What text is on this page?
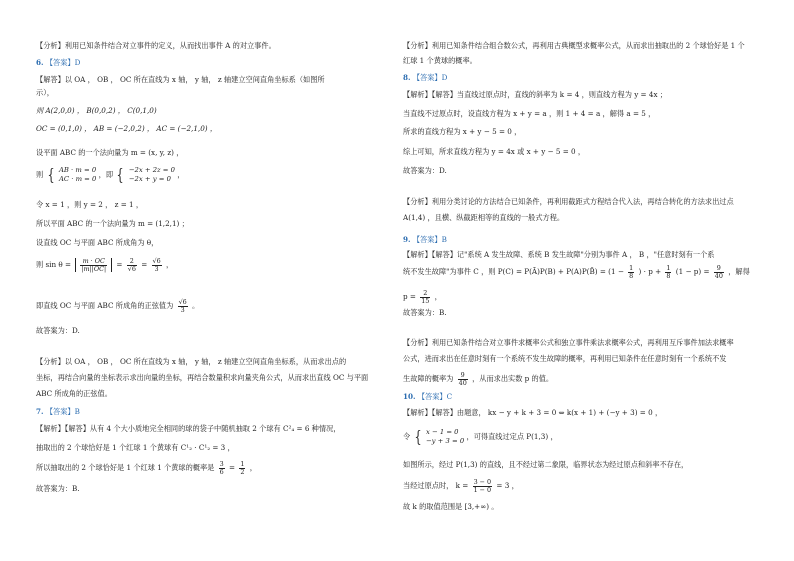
【分析】利用已知条件结合对立事件的定义，从而找出事件 A 的对立事件。
6. 【答案】D
【解答】以 OA ， OB ， OC 所在直线为 x 轴， y 轴， z 轴建立空间直角坐标系（如图所
示），
则 A(2,0,0) ， B(0,0,2) ， C(0,1,0)
OC = (0,1,0) ， AB = (−2,0,2) ， AC = (−2,1,0) ，
设平面 ABC 的一个法向量为 m = (x, y, z) ，
则 { AB · m = 0
AC · m = 0 ，即 { −2x + 2z = 0
−2x + y = 0 ，
令 x = 1 ，则 y = 2 ， z = 1 ，
所以平面 ABC 的一个法向量为 m = (1,2,1) ；
设直线 OC 与平面 ABC 所成角为 θ，
则 $\sin \theta = \frac{m \cdot OC}{|m||OC|} = \frac{2}{√6} = \frac{√6}{3}$ ，
即直线 OC 与平面 ABC 所成角的正弦值为 $\frac{√6}{3}$ 。
故答案为：D.
【分析】以 OA ， OB ， OC 所在直线为 x 轴， y 轴， z 轴建立空间直角坐标系，从而求出点的
坐标，再结合向量的坐标表示求出向量的坐标，再结合数量积求向量夹角公式，从而求出直线 OC 与平面
ABC 所成角的正弦值。
7. 【答案】B
【解析】【解答】从有 4 个大小质地完全相同的球的袋子中随机抽取 2 个球有 C²₄ = 6 种情况，
抽取出的 2 个球恰好是 1 个红球 1 个黄球有 C¹₂ · C¹₂ = 3 ，
所以抽取出的 2 个球恰好是 1 个红球 1 个黄球的概率是 $\frac{3}{6} = \frac{1}{2}$ ，
故答案为：B.
【分析】利用已知条件结合组合数公式，再利用古典概型求概率公式，从而求出抽取出的 2 个球恰好是 1 个
红球 1 个黄球的概率。
8. 【答案】D
【解析】【解答】当直线过原点时，直线的斜率为 k = 4 ，则直线方程为 y = 4x ；
当直线不过原点时，设直线方程为 x + y = a ，则 1 + 4 = a ，解得 a = 5 ，
所求的直线方程为 x + y − 5 = 0 ，
综上可知，所求直线方程为 y = 4x 或 x + y − 5 = 0 ，
故答案为：D.
【分析】利用分类讨论的方法结合已知条件，再利用截距式方程结合代入法，再结合转化的方法求出过点
A(1,4) ，且横、纵截距相等的直线的一般式方程。
9. 【答案】B
【解析】【解答】记"系统 A 发生故障、系统 B 发生故障"分别为事件 A ， B ，"任意时刻有一个系
统不发生故障"为事件 C ，则 P(C) = P(Ā)P(B) + P(A)P(B̄) = ($1 - \frac{1}{8}$ ) · $p + \frac{1}{8} (1 - p) = \frac{9}{40}$ ，解得
$p = \frac{2}{15}$ ，
故答案为：B.
【分析】利用已知条件结合对立事件求概率公式和独立事件乘法求概率公式，再利用互斥事件加法求概率
公式，进而求出在任意时刻有一个系统不发生故障的概率，再利用已知条件在任意时刻有一个系统不发
生故障的概率为 $\frac{9}{40}$ ，从而求出实数 p 的值。
10. 【答案】C
【解析】【解答】由题意， kx − y + k + 3 = 0 ⇔ k(x + 1) + (−y + 3) = 0 ，
令 { x − 1 = 0
−y + 3 = 0 ，可得直线过定点 P(1,3) ，
如图所示，经过 P(1,3) 的直线，且不经过第二象限，临界状态为经过原点和斜率不存在，
当经过原点时， $k = \frac{3 - 0}{1 - 0} = 3$ ，
故 k 的取值范围是 [3,+∞) 。
